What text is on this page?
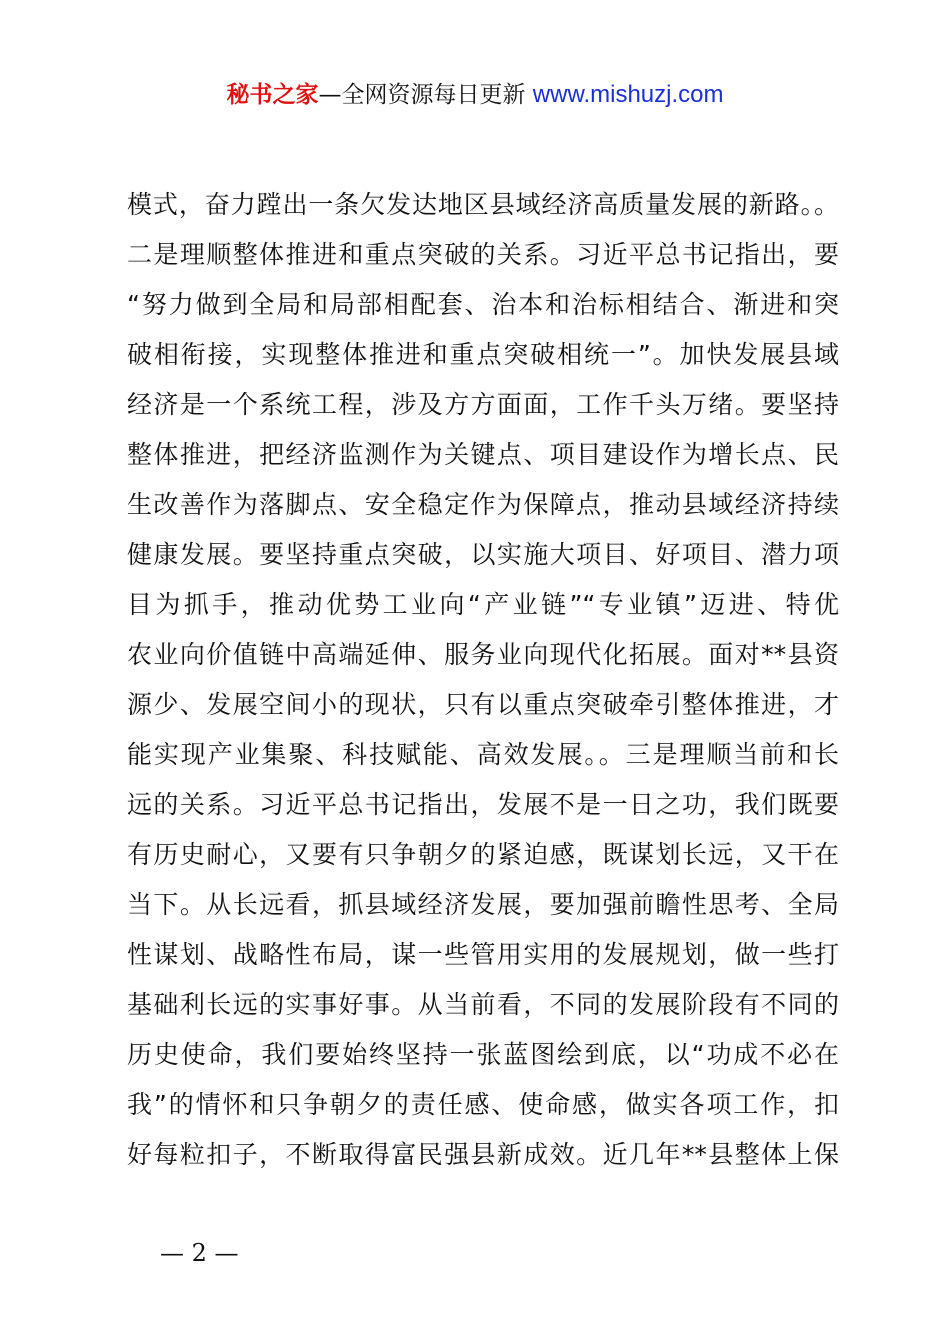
秘书之家—全网资源每日更新 www.mishuzj.com
模式，奋力蹚出一条欠发达地区县域经济高质量发展的新路。。
二是理顺整体推进和重点突破的关系。习近平总书记指出，要
“努力做到全局和局部相配套、治本和治标相结合、渐进和突
破相衔接，实现整体推进和重点突破相统一”。加快发展县域
经济是一个系统工程，涉及方方面面，工作千头万绪。要坚持
整体推进，把经济监测作为关键点、项目建设作为增长点、民
生改善作为落脚点、安全稳定作为保障点，推动县域经济持续
健康发展。要坚持重点突破，以实施大项目、好项目、潜力项
目为抓手，推动优势工业向“产业链”“专业镇”迈进、特优
农业向价值链中高端延伸、服务业向现代化拓展。面对**县资
源少、发展空间小的现状，只有以重点突破牵引整体推进，才
能实现产业集聚、科技赋能、高效发展。。三是理顺当前和长
远的关系。习近平总书记指出，发展不是一日之功，我们既要
有历史耐心，又要有只争朝夕的紧迫感，既谋划长远，又干在
当下。从长远看，抓县域经济发展，要加强前瞻性思考、全局
性谋划、战略性布局，谋一些管用实用的发展规划，做一些打
基础利长远的实事好事。从当前看，不同的发展阶段有不同的
历史使命，我们要始终坚持一张蓝图绘到底，以“功成不必在
我”的情怀和只争朝夕的责任感、使命感，做实各项工作，扣
好每粒扣子，不断取得富民强县新成效。近几年**县整体上保
— 2 —
